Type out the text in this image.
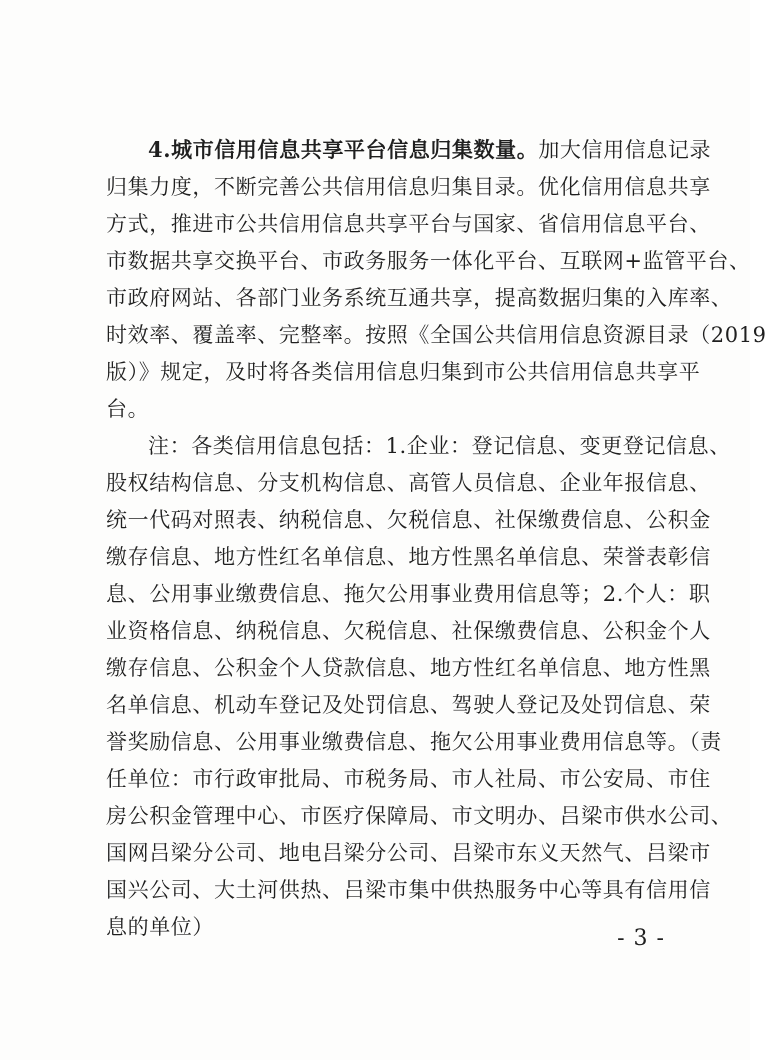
4.城市信用信息共享平台信息归集数量。加大信用信息记录
归集力度，不断完善公共信用信息归集目录。优化信用信息共享
方式，推进市公共信用信息共享平台与国家、省信用信息平台、
市数据共享交换平台、市政务服务一体化平台、互联网+监管平台、
市政府网站、各部门业务系统互通共享，提高数据归集的入库率、
时效率、覆盖率、完整率。按照《全国公共信用信息资源目录（2019
版）》规定，及时将各类信用信息归集到市公共信用信息共享平
台。
注：各类信用信息包括：1.企业：登记信息、变更登记信息、
股权结构信息、分支机构信息、高管人员信息、企业年报信息、
统一代码对照表、纳税信息、欠税信息、社保缴费信息、公积金
缴存信息、地方性红名单信息、地方性黑名单信息、荣誉表彰信
息、公用事业缴费信息、拖欠公用事业费用信息等；2.个人：职
业资格信息、纳税信息、欠税信息、社保缴费信息、公积金个人
缴存信息、公积金个人贷款信息、地方性红名单信息、地方性黑
名单信息、机动车登记及处罚信息、驾驶人登记及处罚信息、荣
誉奖励信息、公用事业缴费信息、拖欠公用事业费用信息等。（责
任单位：市行政审批局、市税务局、市人社局、市公安局、市住
房公积金管理中心、市医疗保障局、市文明办、吕梁市供水公司、
国网吕梁分公司、地电吕梁分公司、吕梁市东义天然气、吕梁市
国兴公司、大土河供热、吕梁市集中供热服务中心等具有信用信
息的单位）	- 3 -
